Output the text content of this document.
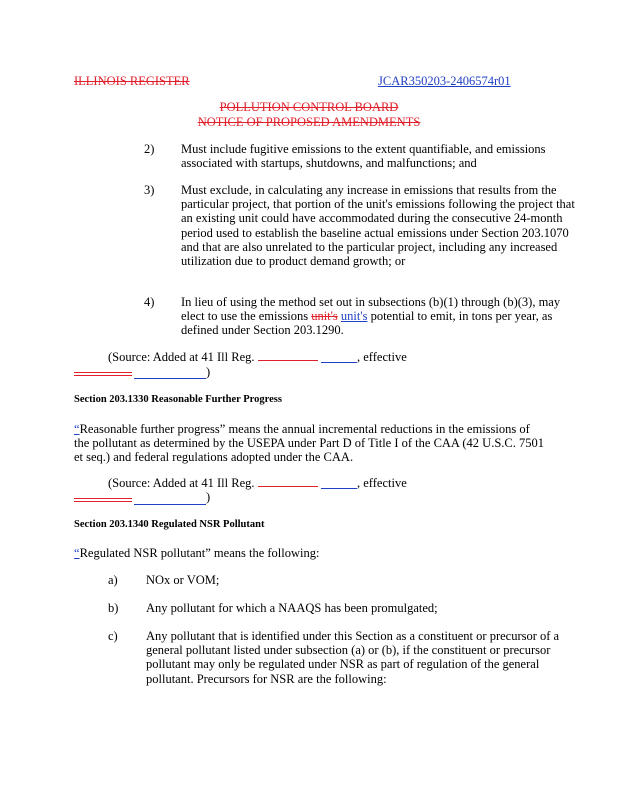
ILLINOIS REGISTER	JCAR350203-2406574r01
POLLUTION CONTROL BOARD
NOTICE OF PROPOSED AMENDMENTS
2) Must include fugitive emissions to the extent quantifiable, and emissions associated with startups, shutdowns, and malfunctions; and
3) Must exclude, in calculating any increase in emissions that results from the particular project, that portion of the unit's emissions following the project that an existing unit could have accommodated during the consecutive 24-month period used to establish the baseline actual emissions under Section 203.1070 and that are also unrelated to the particular project, including any increased utilization due to product demand growth; or
4) In lieu of using the method set out in subsections (b)(1) through (b)(3), may elect to use the emissions unit's unit's potential to emit, in tons per year, as defined under Section 203.1290.
(Source: Added at 41 Ill Reg.	, effective
)
Section 203.1330 Reasonable Further Progress
“Reasonable further progress” means the annual incremental reductions in the emissions of the pollutant as determined by the USEPA under Part D of Title I of the CAA (42 U.S.C. 7501 et seq.) and federal regulations adopted under the CAA.
(Source: Added at 41 Ill Reg.	, effective
)
Section 203.1340 Regulated NSR Pollutant
“Regulated NSR pollutant” means the following:
a) NOx or VOM;
b) Any pollutant for which a NAAQS has been promulgated;
c) Any pollutant that is identified under this Section as a constituent or precursor of a general pollutant listed under subsection (a) or (b), if the constituent or precursor pollutant may only be regulated under NSR as part of regulation of the general pollutant. Precursors for NSR are the following:
